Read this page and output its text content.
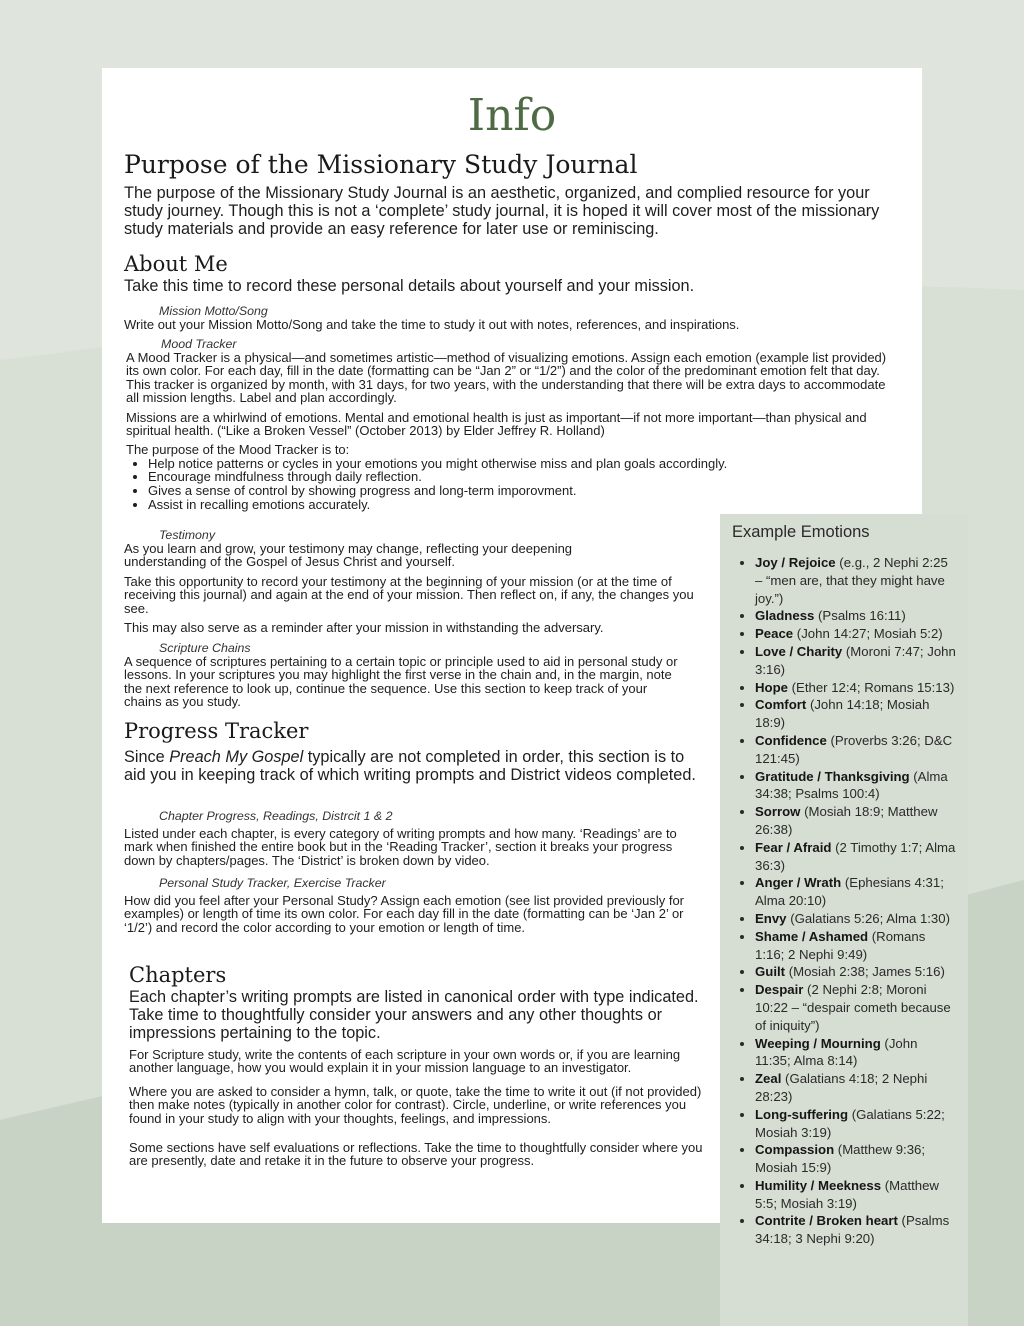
Info
Purpose of the Missionary Study Journal

The purpose of the Missionary Study Journal is an aesthetic, organized, and complied resource for your study journey. Though this is not a ‘complete’ study journal, it is hoped it will cover most of the missionary study materials and provide an easy reference for later use or reminiscing.

About Me

Take this time to record these personal details about yourself and your mission.

Mission Motto/Song

Write out your Mission Motto/Song and take the time to study it out with notes, references, and inspirations.

Mood Tracker

A Mood Tracker is a physical—and sometimes artistic—method of visualizing emotions. Assign each emotion (example list provided) its own color. For each day, fill in the date (formatting can be “Jan 2” or “1/2”) and the color of the predominant emotion felt that day. This tracker is organized by month, with 31 days, for two years, with the understanding that there will be extra days to accommodate all mission lengths. Label and plan accordingly.

Missions are a whirlwind of emotions. Mental and emotional health is just as important—if not more important—than physical and spiritual health. (“Like a Broken Vessel” (October 2013) by Elder Jeffrey R. Holland)

The purpose of the Mood Tracker is to:

• Help notice patterns or cycles in your emotions you might otherwise miss and plan goals accordingly.
• Encourage mindfulness through daily reflection.
• Gives a sense of control by showing progress and long-term imporovment.
• Assist in recalling emotions accurately.

Testimony

As you learn and grow, your testimony may change, reflecting your deepening understanding of the Gospel of Jesus Christ and yourself.

Take this opportunity to record your testimony at the beginning of your mission (or at the time of receiving this journal) and again at the end of your mission. Then reflect on, if any, the changes you see.

This may also serve as a reminder after your mission in withstanding the adversary.

Scripture Chains

A sequence of scriptures pertaining to a certain topic or principle used to aid in personal study or lessons. In your scriptures you may highlight the first verse in the chain and, in the margin, note the next reference to look up, continue the sequence. Use this section to keep track of your chains as you study.

Progress Tracker

Since Preach My Gospel typically are not completed in order, this section is to aid you in keeping track of which writing prompts and District videos completed.

Chapter Progress, Readings, Distrcit 1 & 2

Listed under each chapter, is every category of writing prompts and how many. ‘Readings’ are to mark when finished the entire book but in the ‘Reading Tracker’, section it breaks your progress down by chapters/pages. The ‘District’ is broken down by video.

Personal Study Tracker, Exercise Tracker

How did you feel after your Personal Study? Assign each emotion (see list provided previously for examples) or length of time its own color. For each day fill in the date (formatting can be ‘Jan 2’ or ‘1/2’) and record the color according to your emotion or length of time.

Chapters

Each chapter’s writing prompts are listed in canonical order with type indicated. Take time to thoughtfully consider your answers and any other thoughts or impressions pertaining to the topic.

For Scripture study, write the contents of each scripture in your own words or, if you are learning another language, how you would explain it in your mission language to an investigator.

Where you are asked to consider a hymn, talk, or quote, take the time to write it out (if not provided) then make notes (typically in another color for contrast). Circle, underline, or write references you found in your study to align with your thoughts, feelings, and impressions.

Some sections have self evaluations or reflections. Take the time to thoughtfully consider where you are presently, date and retake it in the future to observe your progress.

Example Emotions
• Joy / Rejoice (e.g., 2 Nephi 2:25 – “men are, that they might have joy.”)
• Gladness (Psalms 16:11)
• Peace (John 14:27; Mosiah 5:2)
• Love / Charity (Moroni 7:47; John 3:16)
• Hope (Ether 12:4; Romans 15:13)
• Comfort (John 14:18; Mosiah 18:9)
• Confidence (Proverbs 3:26; D&C 121:45)
• Gratitude / Thanksgiving (Alma 34:38; Psalms 100:4)
• Sorrow (Mosiah 18:9; Matthew 26:38)
• Fear / Afraid (2 Timothy 1:7; Alma 36:3)
• Anger / Wrath (Ephesians 4:31; Alma 20:10)
• Envy (Galatians 5:26; Alma 1:30)
• Shame / Ashamed (Romans 1:16; 2 Nephi 9:49)
• Guilt (Mosiah 2:38; James 5:16)
• Despair (2 Nephi 2:8; Moroni 10:22 – “despair cometh because of iniquity”)
• Weeping / Mourning (John 11:35; Alma 8:14)
• Zeal (Galatians 4:18; 2 Nephi 28:23)
• Long-suffering (Galatians 5:22; Mosiah 3:19)
• Compassion (Matthew 9:36; Mosiah 15:9)
• Humility / Meekness (Matthew 5:5; Mosiah 3:19)
• Contrite / Broken heart (Psalms 34:18; 3 Nephi 9:20)
